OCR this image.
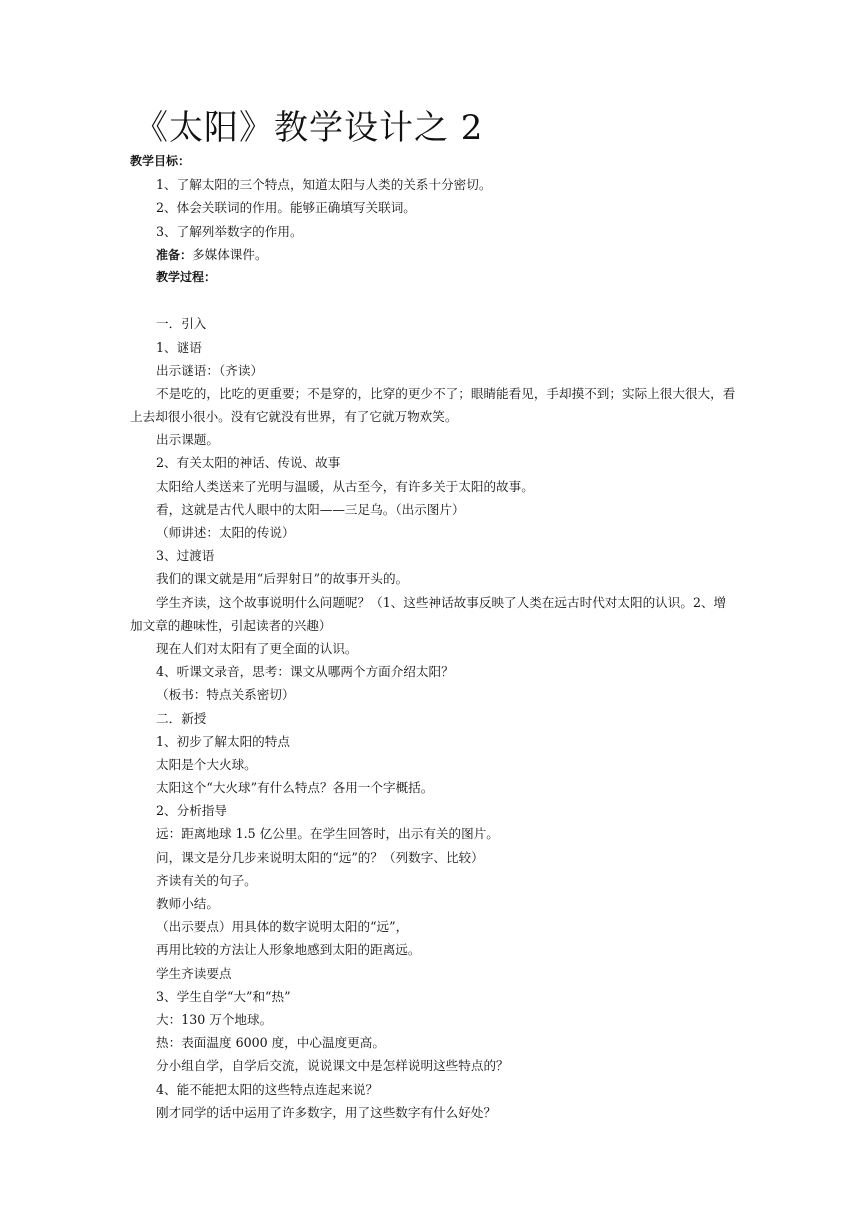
《太阳》教学设计之 2
教学目标：
1、了解太阳的三个特点，知道太阳与人类的关系十分密切。
2、体会关联词的作用。能够正确填写关联词。
3、了解列举数字的作用。
准备：多媒体课件。
教学过程：
一．引入
1、谜语
出示谜语：（齐读）
不是吃的，比吃的更重要；不是穿的，比穿的更少不了；眼睛能看见，手却摸不到；实际上很大很大，看上去却很小很小。没有它就没有世界，有了它就万物欢笑。
出示课题。
2、有关太阳的神话、传说、故事
太阳给人类送来了光明与温暖，从古至今，有许多关于太阳的故事。
看，这就是古代人眼中的太阳——三足乌。（出示图片）
（师讲述：太阳的传说）
3、过渡语
我们的课文就是用“后羿射日”的故事开头的。
学生齐读，这个故事说明什么问题呢？（1、这些神话故事反映了人类在远古时代对太阳的认识。2、增加文章的趣味性，引起读者的兴趣）
现在人们对太阳有了更全面的认识。
4、听课文录音，思考：课文从哪两个方面介绍太阳？
（板书：特点关系密切）
二．新授
1、初步了解太阳的特点
太阳是个大火球。
太阳这个“大火球”有什么特点？各用一个字概括。
2、分析指导
远：距离地球 1.5 亿公里。在学生回答时，出示有关的图片。
问，课文是分几步来说明太阳的“远”的？（列数字、比较）
齐读有关的句子。
教师小结。
（出示要点）用具体的数字说明太阳的“远”，
再用比较的方法让人形象地感到太阳的距离远。
学生齐读要点
3、学生自学“大”和“热”
大：130 万个地球。
热：表面温度 6000 度，中心温度更高。
分小组自学，自学后交流，说说课文中是怎样说明这些特点的？
4、能不能把太阳的这些特点连起来说？
刚才同学的话中运用了许多数字，用了这些数字有什么好处？
